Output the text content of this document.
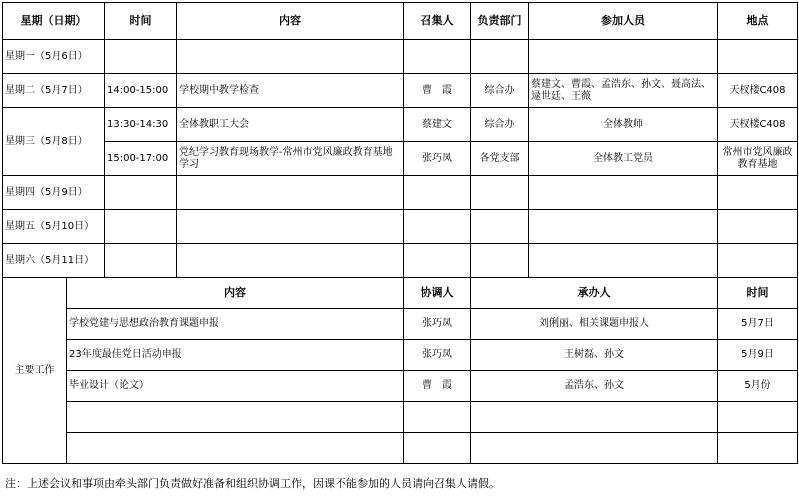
星期（日期）		时间	内容	召集人	负责部门	参加人员	地点
星期一（5月6日）							
星期二（5月7日）		14:00-15:00	学校期中教学检查	曹　霞	综合办	蔡建文、曹霞、孟浩东、孙文、聂高法、逯世廷、王薇	天杈楼C408
星期三（5月8日）		13:30-14:30	全体教职工大会	蔡建文	综合办	全体教师	天杈楼C408
		15:00-17:00	党纪学习教育现场教学-常州市党风廉政教育基地学习	张巧凤	各党支部	全体教工党员	常州市党风廉政教育基地
星期四（5月9日）							
星期五（5月10日）							
星期六（5月11日）							
主要工作	内容			协调人	承办人		时间
	学校党建与思想政治教育课题申报			张巧凤	刘俐丽、相关课题申报人		5月7日
	23年度最佳党日活动申报			张巧凤	王树磊、孙文		5月9日
	毕业设计（论文）			曹　霞	孟浩东、孙文		5月份

注：上述会议和事项由牵头部门负责做好准备和组织协调工作，因课不能参加的人员请向召集人请假。
